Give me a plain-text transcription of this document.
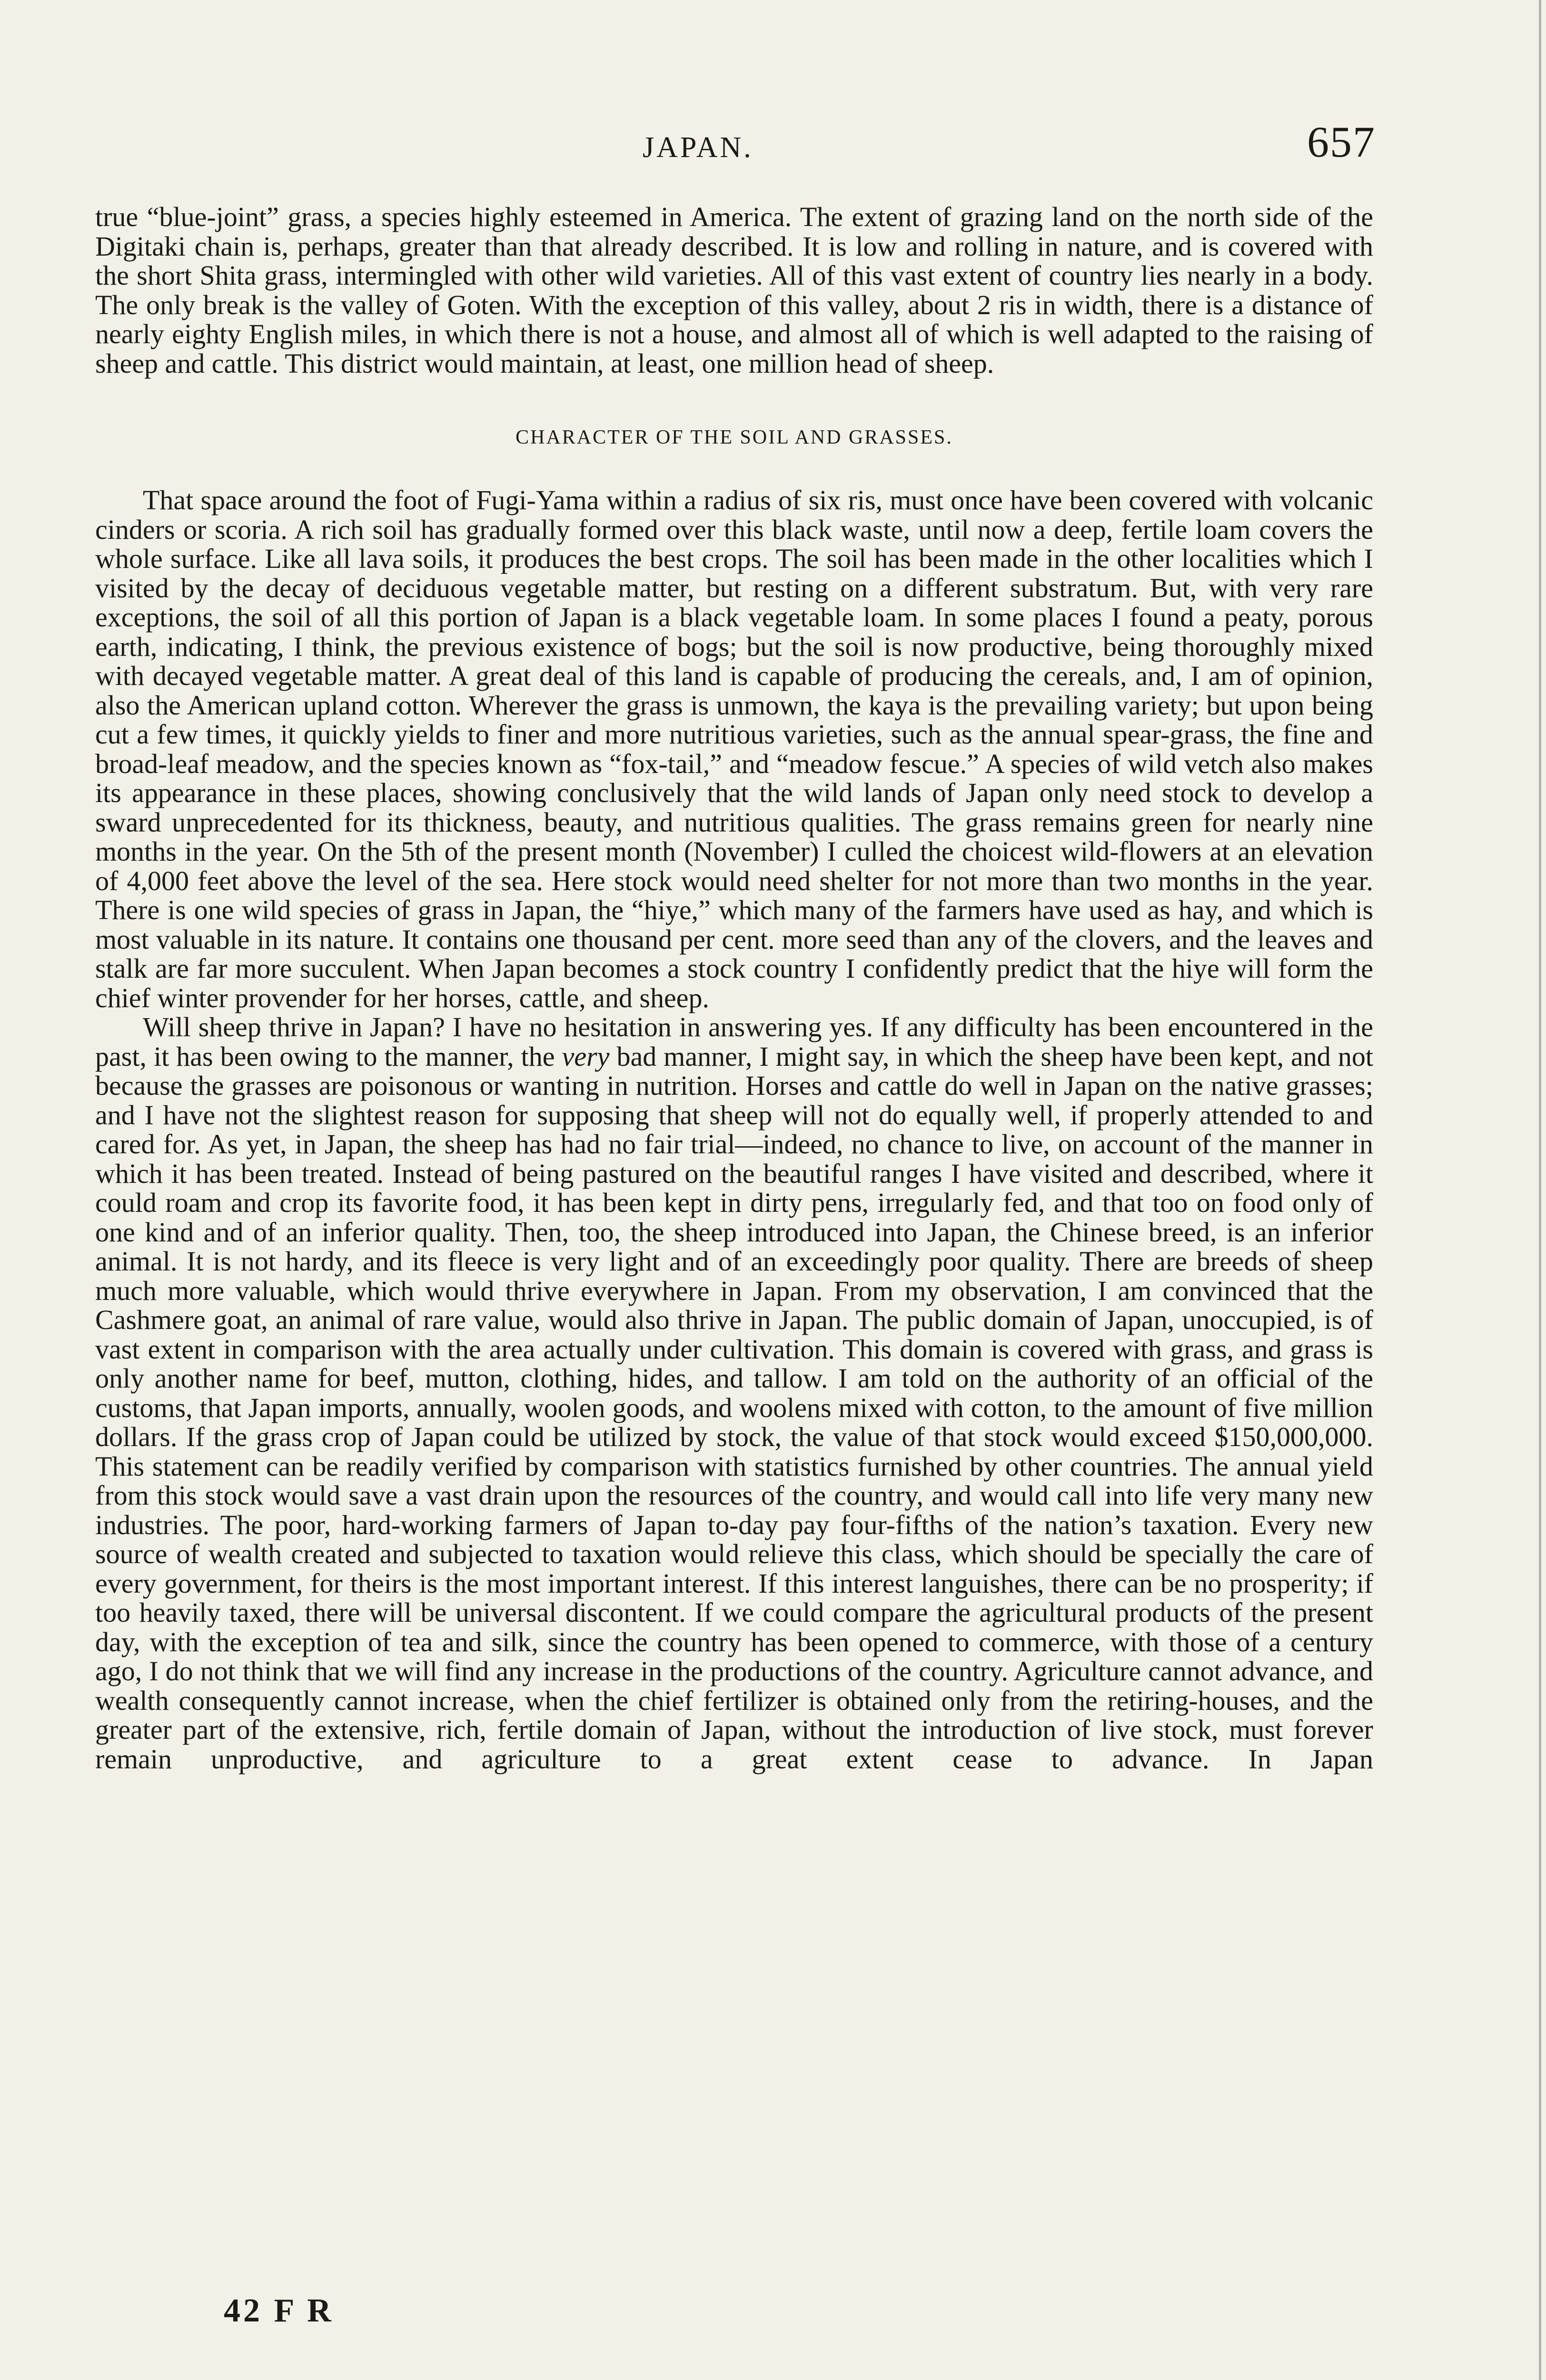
JAPAN.	657

true “blue-joint” grass, a species highly esteemed in America. The extent of grazing land on the north side of the Digitaki chain is, perhaps, greater than that already described. It is low and rolling in nature, and is covered with the short Shita grass, intermingled with other wild varieties. All of this vast extent of country lies nearly in a body. The only break is the valley of Goten. With the exception of this valley, about 2 ris in width, there is a distance of nearly eighty English miles, in which there is not a house, and almost all of which is well adapted to the raising of sheep and cattle. This district would maintain, at least, one million head of sheep.

CHARACTER OF THE SOIL AND GRASSES.

That space around the foot of Fugi-Yama within a radius of six ris, must once have been covered with volcanic cinders or scoria. A rich soil has gradually formed over this black waste, until now a deep, fertile loam covers the whole surface. Like all lava soils, it produces the best crops. The soil has been made in the other localities which I visited by the decay of deciduous vegetable matter, but resting on a different substratum. But, with very rare exceptions, the soil of all this portion of Japan is a black vegetable loam. In some places I found a peaty, porous earth, indicating, I think, the previous existence of bogs; but the soil is now productive, being thoroughly mixed with decayed vegetable matter. A great deal of this land is capable of producing the cereals, and, I am of opinion, also the American upland cotton. Wherever the grass is unmown, the kaya is the prevailing variety; but upon being cut a few times, it quickly yields to finer and more nutritious varieties, such as the annual spear-grass, the fine and broad-leaf meadow, and the species known as “fox-tail,” and “meadow fescue.” A species of wild vetch also makes its appearance in these places, showing conclusively that the wild lands of Japan only need stock to develop a sward unprecedented for its thickness, beauty, and nutritious qualities. The grass remains green for nearly nine months in the year. On the 5th of the present month (November) I culled the choicest wild-flowers at an elevation of 4,000 feet above the level of the sea. Here stock would need shelter for not more than two months in the year. There is one wild species of grass in Japan, the “hiye,” which many of the farmers have used as hay, and which is most valuable in its nature. It contains one thousand per cent. more seed than any of the clovers, and the leaves and stalk are far more succulent. When Japan becomes a stock country I confidently predict that the hiye will form the chief winter provender for her horses, cattle, and sheep.

Will sheep thrive in Japan? I have no hesitation in answering yes. If any difficulty has been encountered in the past, it has been owing to the manner, the very bad manner, I might say, in which the sheep have been kept, and not because the grasses are poisonous or wanting in nutrition. Horses and cattle do well in Japan on the native grasses; and I have not the slightest reason for supposing that sheep will not do equally well, if properly attended to and cared for. As yet, in Japan, the sheep has had no fair trial—indeed, no chance to live, on account of the manner in which it has been treated. Instead of being pastured on the beautiful ranges I have visited and described, where it could roam and crop its favorite food, it has been kept in dirty pens, irregularly fed, and that too on food only of one kind and of an inferior quality. Then, too, the sheep introduced into Japan, the Chinese breed, is an inferior animal. It is not hardy, and its fleece is very light and of an exceedingly poor quality. There are breeds of sheep much more valuable, which would thrive everywhere in Japan. From my observation, I am convinced that the Cashmere goat, an animal of rare value, would also thrive in Japan. The public domain of Japan, unoccupied, is of vast extent in comparison with the area actually under cultivation. This domain is covered with grass, and grass is only another name for beef, mutton, clothing, hides, and tallow. I am told on the authority of an official of the customs, that Japan imports, annually, woolen goods, and woolens mixed with cotton, to the amount of five million dollars. If the grass crop of Japan could be utilized by stock, the value of that stock would exceed $150,000,000. This statement can be readily verified by comparison with statistics furnished by other countries. The annual yield from this stock would save a vast drain upon the resources of the country, and would call into life very many new industries. The poor, hard-working farmers of Japan to-day pay four-fifths of the nation’s taxation. Every new source of wealth created and subjected to taxation would relieve this class, which should be specially the care of every government, for theirs is the most important interest. If this interest languishes, there can be no prosperity; if too heavily taxed, there will be universal discontent. If we could compare the agricultural products of the present day, with the exception of tea and silk, since the country has been opened to commerce, with those of a century ago, I do not think that we will find any increase in the productions of the country. Agriculture cannot advance, and wealth consequently cannot increase, when the chief fertilizer is obtained only from the retiring-houses, and the greater part of the extensive, rich, fertile domain of Japan, without the introduction of live stock, must forever remain unproductive, and agriculture to a great extent cease to advance. In Japan

42 F R
